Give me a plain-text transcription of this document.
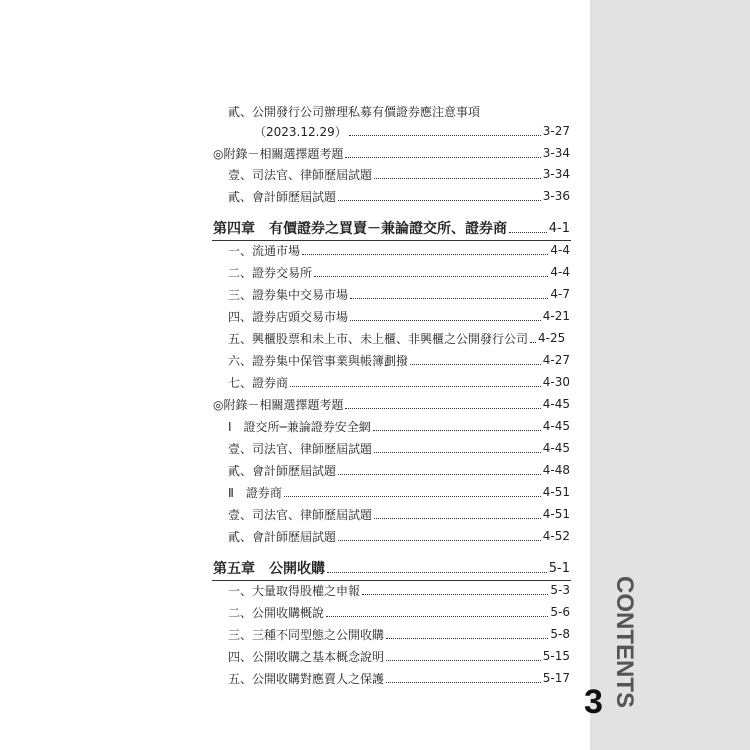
貳、公開發行公司辦理私募有價證券應注意事項
（2023.12.29）	3-27
◎附錄－相關選擇題考題	3-34
壹、司法官、律師歷屆試題	3-34
貳、會計師歷屆試題	3-36
第四章　有價證券之買賣－兼論證交所、證券商	4-1
一、流通市場	4-4
二、證券交易所	4-4
三、證券集中交易市場	4-7
四、證券店頭交易市場	4-21
五、興櫃股票和未上市、未上櫃、非興櫃之公開發行公司 4-25
六、證券集中保管事業與帳簿劃撥	4-27
七、證券商	4-30
◎附錄－相關選擇題考題	4-45
Ⅰ　證交所─兼論證券安全網	4-45
壹、司法官、律師歷屆試題	4-45
貳、會計師歷屆試題	4-48
Ⅱ　證券商	4-51
壹、司法官、律師歷屆試題	4-51
貳、會計師歷屆試題	4-52
第五章　公開收購	5-1
一、大量取得股權之申報	5-3
二、公開收購概說	5-6
三、三種不同型態之公開收購	5-8
四、公開收購之基本概念說明	5-15
五、公開收購對應賣人之保護	5-17 CONTENTS
3
